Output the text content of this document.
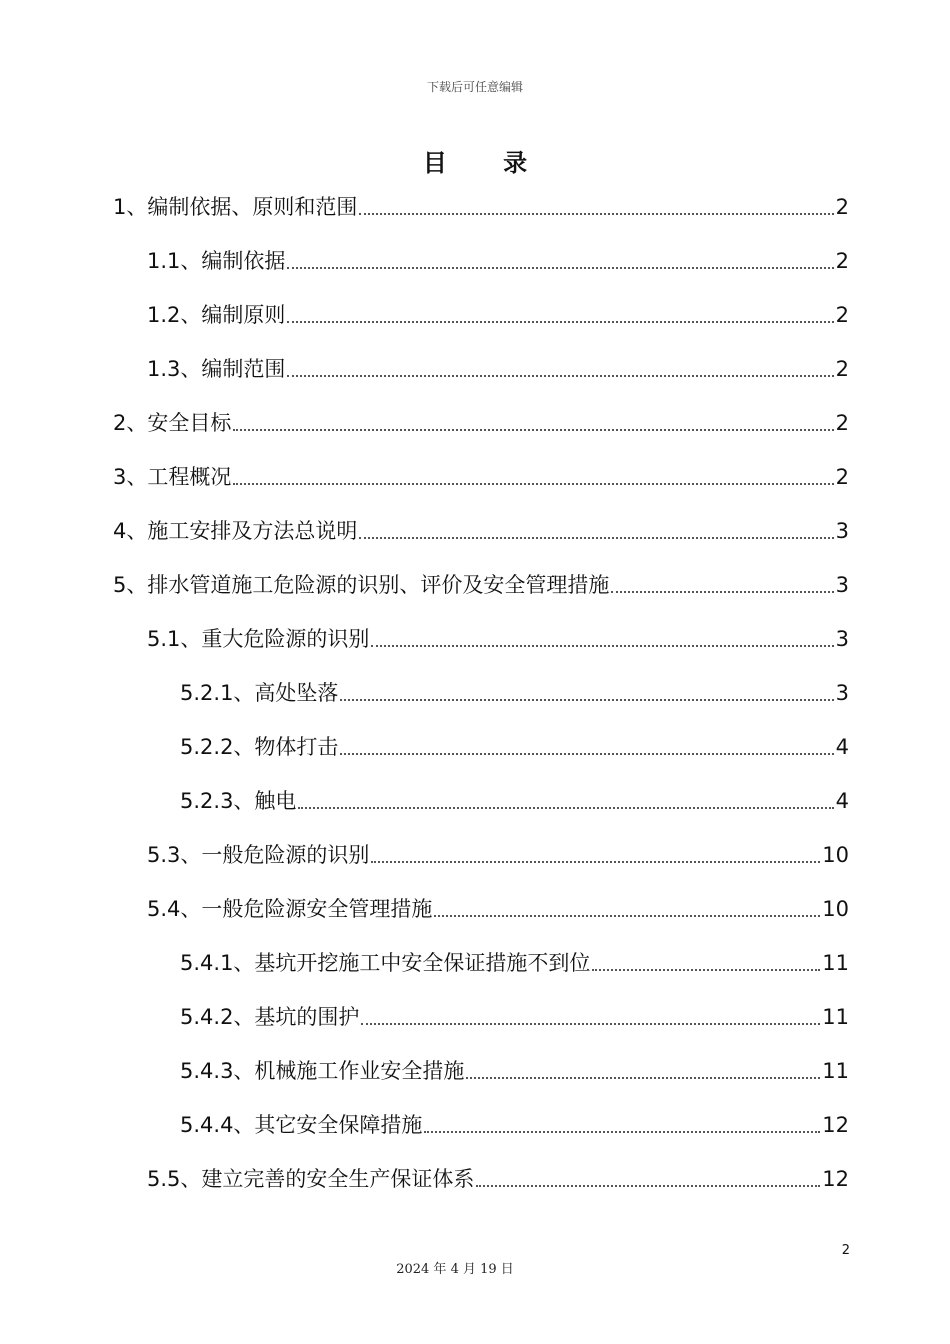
下载后可任意编辑
目 录
1、编制依据、原则和范围	2
1.1、编制依据	2
1.2、编制原则	2
1.3、编制范围	2
2、安全目标	2
3、工程概况	2
4、施工安排及方法总说明	3
5、排水管道施工危险源的识别、评价及安全管理措施	3
5.1、重大危险源的识别	3
5.2.1、高处坠落	3
5.2.2、物体打击	4
5.2.3、触电	4
5.3、一般危险源的识别	10
5.4、一般危险源安全管理措施	10
5.4.1、基坑开挖施工中安全保证措施不到位	11
5.4.2、基坑的围护	11
5.4.3、机械施工作业安全措施	11
5.4.4、其它安全保障措施	12
5.5、建立完善的安全生产保证体系	12
2
2024 年 4 月 19 日
